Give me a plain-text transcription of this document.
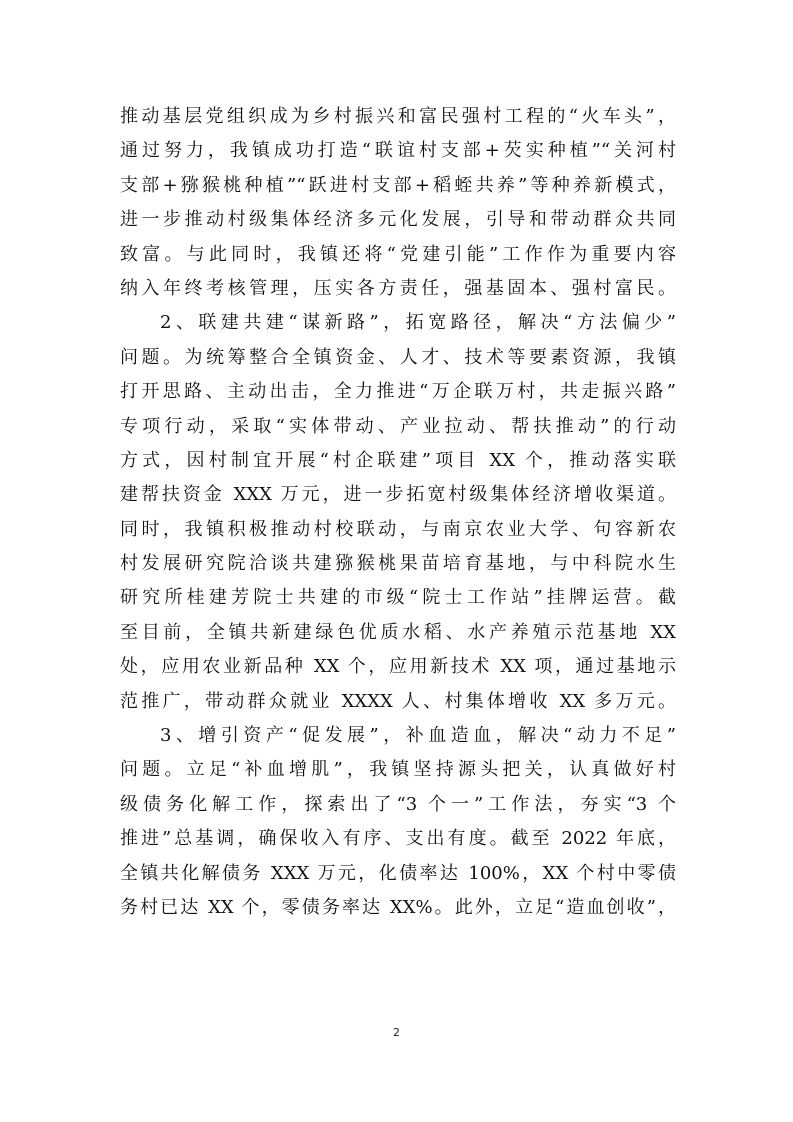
推动基层党组织成为乡村振兴和富民强村工程的“火车头”，
通过努力，我镇成功打造“联谊村支部+芡实种植”“关河村
支部+猕猴桃种植”“跃进村支部+稻蛭共养”等种养新模式，
进一步推动村级集体经济多元化发展，引导和带动群众共同
致富。与此同时，我镇还将“党建引能”工作作为重要内容
纳入年终考核管理，压实各方责任，强基固本、强村富民。
2、联建共建“谋新路”，拓宽路径，解决“方法偏少”
问题。为统筹整合全镇资金、人才、技术等要素资源，我镇
打开思路、主动出击，全力推进“万企联万村，共走振兴路”
专项行动，采取“实体带动、产业拉动、帮扶推动”的行动
方式，因村制宜开展“村企联建”项目 XX 个，推动落实联
建帮扶资金 XXX 万元，进一步拓宽村级集体经济增收渠道。
同时，我镇积极推动村校联动，与南京农业大学、句容新农
村发展研究院洽谈共建猕猴桃果苗培育基地，与中科院水生
研究所桂建芳院士共建的市级“院士工作站”挂牌运营。截
至目前，全镇共新建绿色优质水稻、水产养殖示范基地 XX
处，应用农业新品种 XX 个，应用新技术 XX 项，通过基地示
范推广，带动群众就业 XXXX 人、村集体增收 XX 多万元。
3、增引资产“促发展”，补血造血，解决“动力不足”
问题。立足“补血增肌”，我镇坚持源头把关，认真做好村
级债务化解工作，探索出了“3 个一”工作法，夯实“3 个
推进”总基调，确保收入有序、支出有度。截至 2022 年底，
全镇共化解债务 XXX 万元，化债率达 100%，XX 个村中零债
务村已达 XX 个，零债务率达 XX%。此外，立足“造血创收”，
2
